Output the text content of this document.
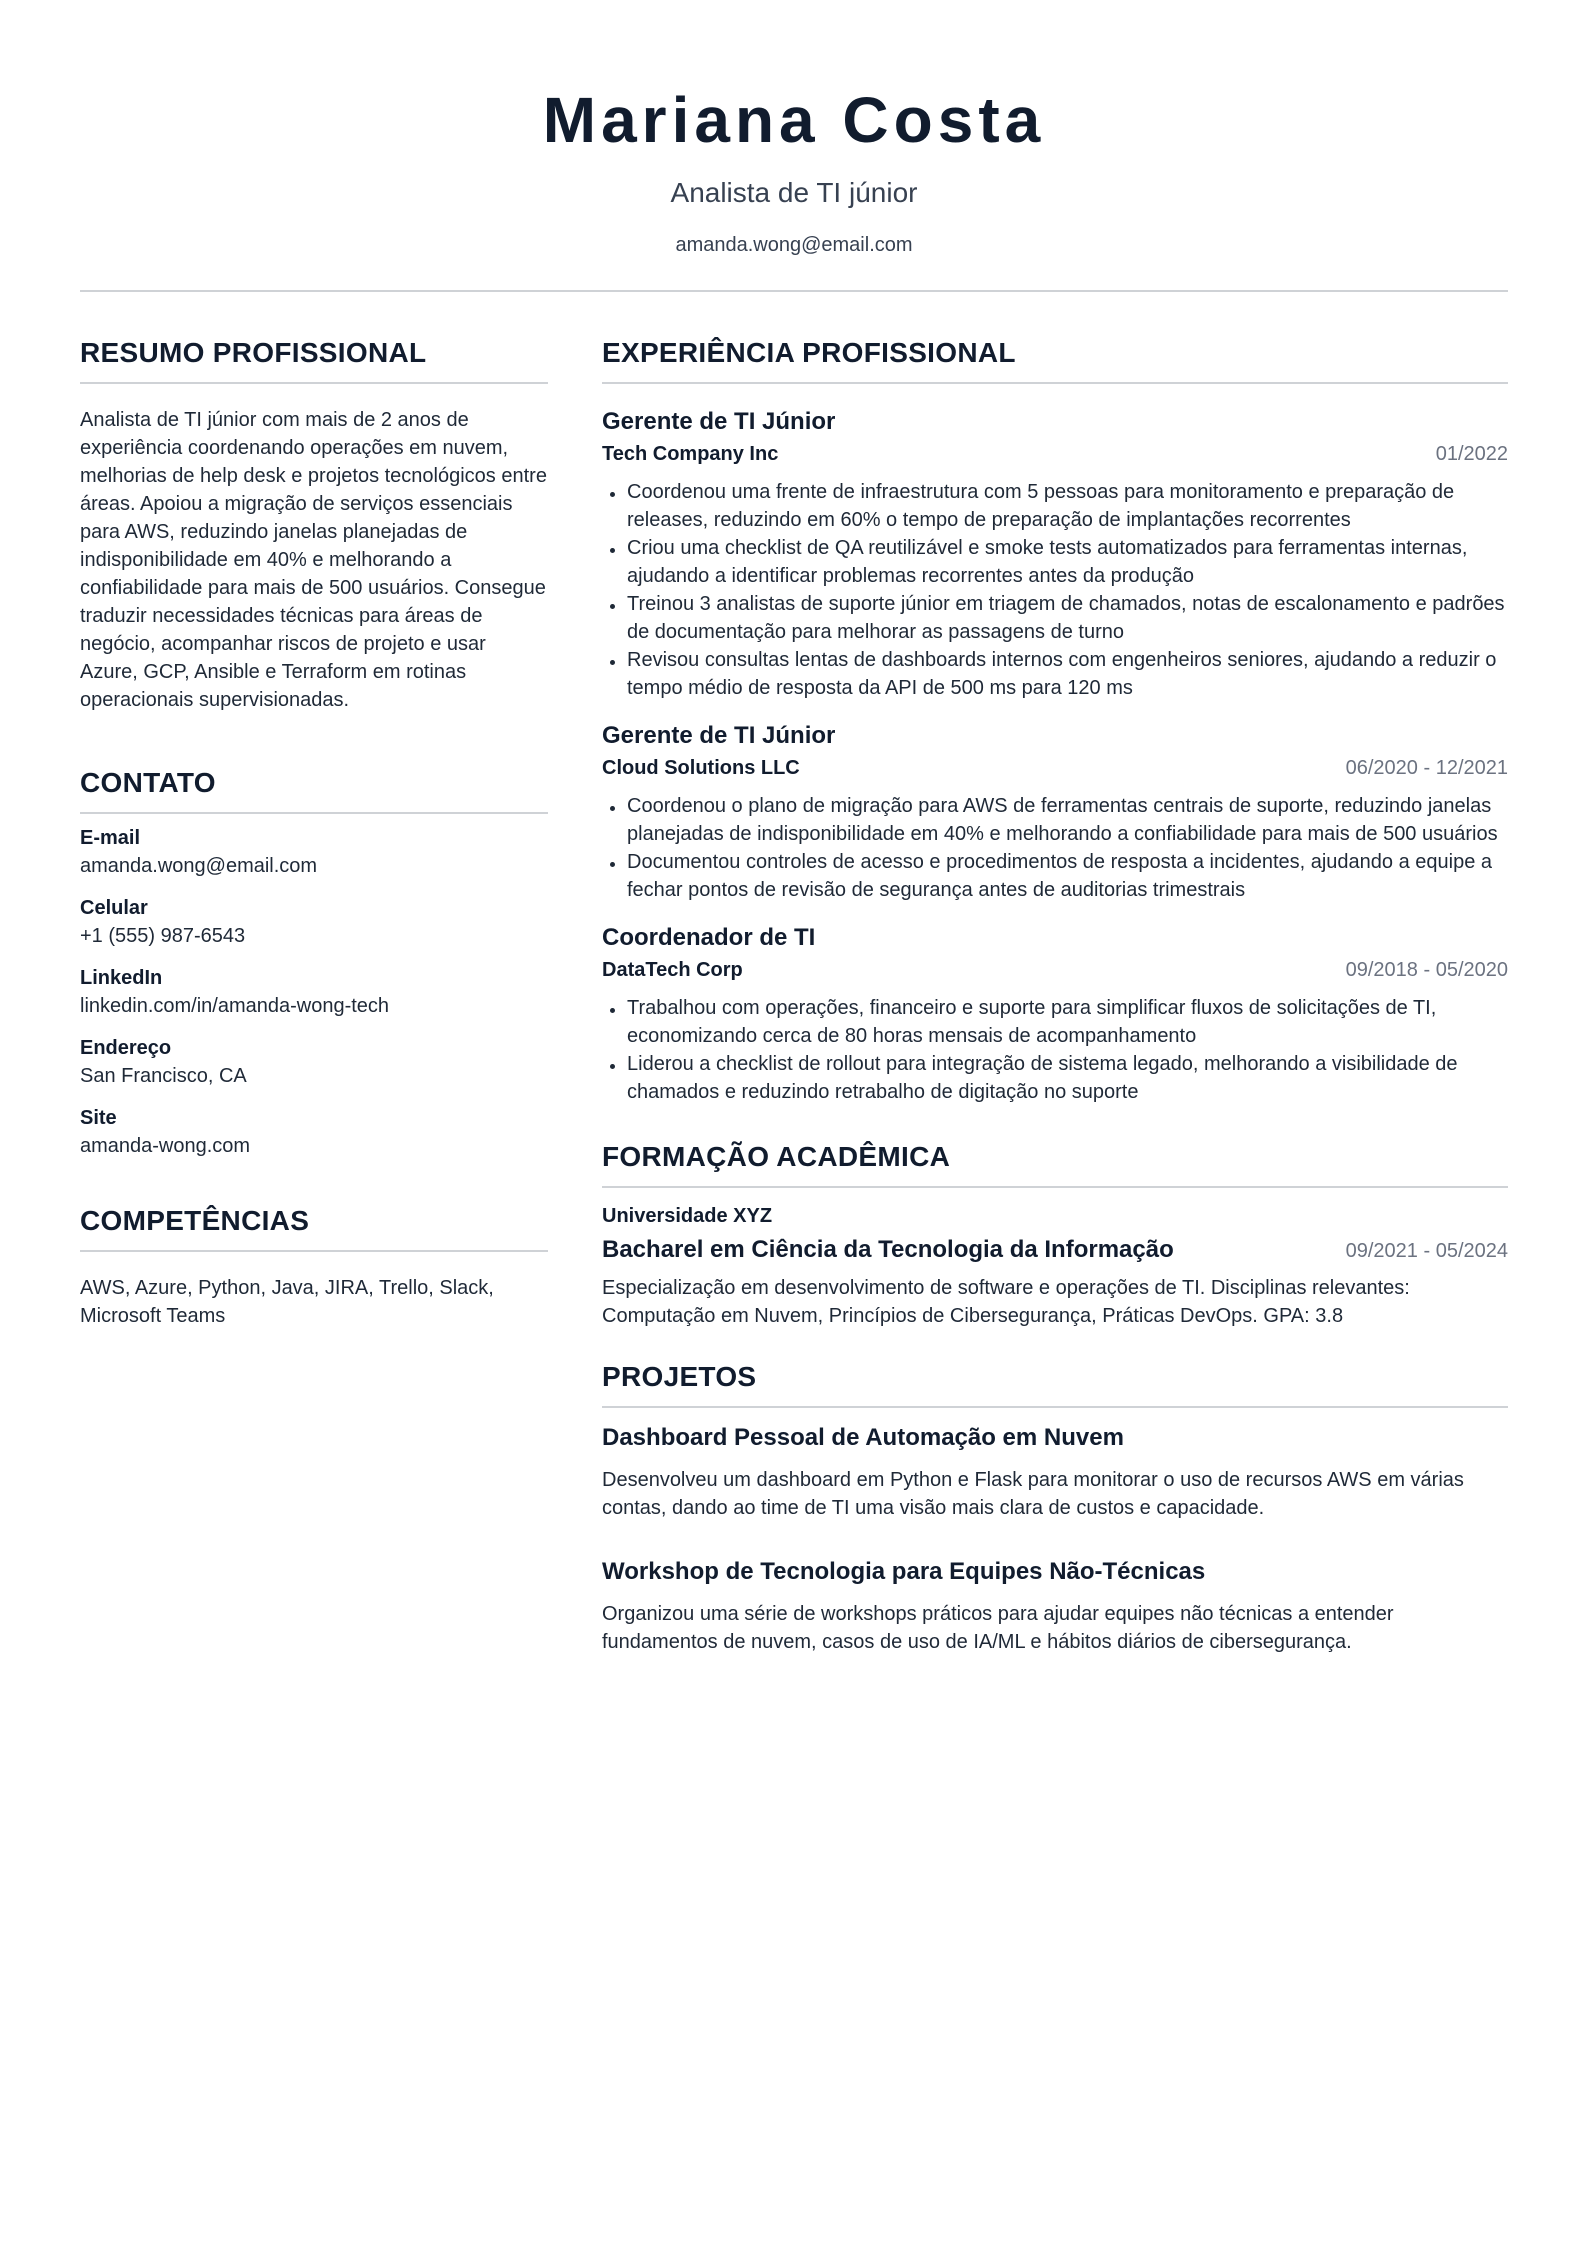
Mariana Costa
Analista de TI júnior
amanda.wong@email.com
RESUMO PROFISSIONAL

Analista de TI júnior com mais de 2 anos de experiência coordenando operações em nuvem, melhorias de help desk e projetos tecnológicos entre áreas. Apoiou a migração de serviços essenciais para AWS, reduzindo janelas planejadas de indisponibilidade em 40% e melhorando a confiabilidade para mais de 500 usuários. Consegue traduzir necessidades técnicas para áreas de negócio, acompanhar riscos de projeto e usar Azure, GCP, Ansible e Terraform em rotinas operacionais supervisionadas.

CONTATO
E-mail
amanda.wong@email.com
Celular
+1 (555) 987-6543
LinkedIn
linkedin.com/in/amanda-wong-tech
Endereço
San Francisco, CA
Site
amanda-wong.com
COMPETÊNCIAS

AWS, Azure, Python, Java, JIRA, Trello, Slack, Microsoft Teams

EXPERIÊNCIA PROFISSIONAL
Gerente de TI Júnior
Tech Company Inc	01/2022
Coordenou uma frente de infraestrutura com 5 pessoas para monitoramento e preparação de releases, reduzindo em 60% o tempo de preparação de implantações recorrentes
Criou uma checklist de QA reutilizável e smoke tests automatizados para ferramentas internas, ajudando a identificar problemas recorrentes antes da produção
Treinou 3 analistas de suporte júnior em triagem de chamados, notas de escalonamento e padrões de documentação para melhorar as passagens de turno
Revisou consultas lentas de dashboards internos com engenheiros seniores, ajudando a reduzir o tempo médio de resposta da API de 500 ms para 120 ms
Gerente de TI Júnior
Cloud Solutions LLC	06/2020 - 12/2021
Coordenou o plano de migração para AWS de ferramentas centrais de suporte, reduzindo janelas planejadas de indisponibilidade em 40% e melhorando a confiabilidade para mais de 500 usuários
Documentou controles de acesso e procedimentos de resposta a incidentes, ajudando a equipe a fechar pontos de revisão de segurança antes de auditorias trimestrais
Coordenador de TI
DataTech Corp	09/2018 - 05/2020
Trabalhou com operações, financeiro e suporte para simplificar fluxos de solicitações de TI, economizando cerca de 80 horas mensais de acompanhamento
Liderou a checklist de rollout para integração de sistema legado, melhorando a visibilidade de chamados e reduzindo retrabalho de digitação no suporte
FORMAÇÃO ACADÊMICA
Universidade XYZ
Bacharel em Ciência da Tecnologia da Informação	09/2021 - 05/2024

Especialização em desenvolvimento de software e operações de TI. Disciplinas relevantes: Computação em Nuvem, Princípios de Cibersegurança, Práticas DevOps. GPA: 3.8

PROJETOS
Dashboard Pessoal de Automação em Nuvem

Desenvolveu um dashboard em Python e Flask para monitorar o uso de recursos AWS em várias contas, dando ao time de TI uma visão mais clara de custos e capacidade.

Workshop de Tecnologia para Equipes Não-Técnicas

Organizou uma série de workshops práticos para ajudar equipes não técnicas a entender fundamentos de nuvem, casos de uso de IA/ML e hábitos diários de cibersegurança.
